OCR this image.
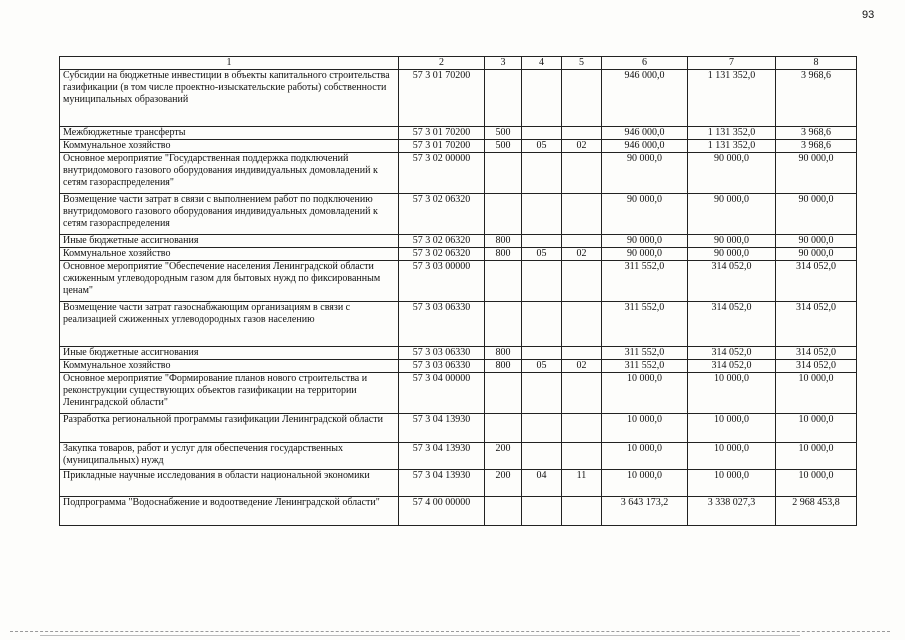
93
1	2	3	4	5	6	7	8
Субсидии на бюджетные инвестиции в объекты капитального строительства газификации (в том числе проектно-изыскательские работы) собственности муниципальных образований	57 3 01 70200				946 000,0	1 131 352,0	3 968,6
Межбюджетные трансферты	57 3 01 70200	500			946 000,0	1 131 352,0	3 968,6
Коммунальное хозяйство	57 3 01 70200	500	05	02	946 000,0	1 131 352,0	3 968,6
Основное мероприятие "Государственная поддержка подключений внутридомового газового оборудования индивидуальных домовладений к сетям газораспределения"	57 3 02 00000				90 000,0	90 000,0	90 000,0
Возмещение части затрат в связи с выполнением работ по подключению внутридомового газового оборудования индивидуальных домовладений к сетям газораспределения	57 3 02 06320				90 000,0	90 000,0	90 000,0
Иные бюджетные ассигнования	57 3 02 06320	800			90 000,0	90 000,0	90 000,0
Коммунальное хозяйство	57 3 02 06320	800	05	02	90 000,0	90 000,0	90 000,0
Основное мероприятие "Обеспечение населения Ленинградской области сжиженным углеводородным газом для бытовых нужд по фиксированным ценам"	57 3 03 00000				311 552,0	314 052,0	314 052,0
Возмещение части затрат газоснабжающим организациям в связи с реализацией сжиженных углеводородных газов населению	57 3 03 06330				311 552,0	314 052,0	314 052,0
Иные бюджетные ассигнования	57 3 03 06330	800			311 552,0	314 052,0	314 052,0
Коммунальное хозяйство	57 3 03 06330	800	05	02	311 552,0	314 052,0	314 052,0
Основное мероприятие "Формирование планов нового строительства и реконструкции существующих объектов газификации на территории Ленинградской области"	57 3 04 00000				10 000,0	10 000,0	10 000,0
Разработка региональной программы газификации Ленинградской области	57 3 04 13930				10 000,0	10 000,0	10 000,0
Закупка товаров, работ и услуг для обеспечения государственных (муниципальных) нужд	57 3 04 13930	200			10 000,0	10 000,0	10 000,0
Прикладные научные исследования в области национальной экономики	57 3 04 13930	200	04	11	10 000,0	10 000,0	10 000,0
Подпрограмма "Водоснабжение и водоотведение Ленинградской области"	57 4 00 00000				3 643 173,2	3 338 027,3	2 968 453,8
